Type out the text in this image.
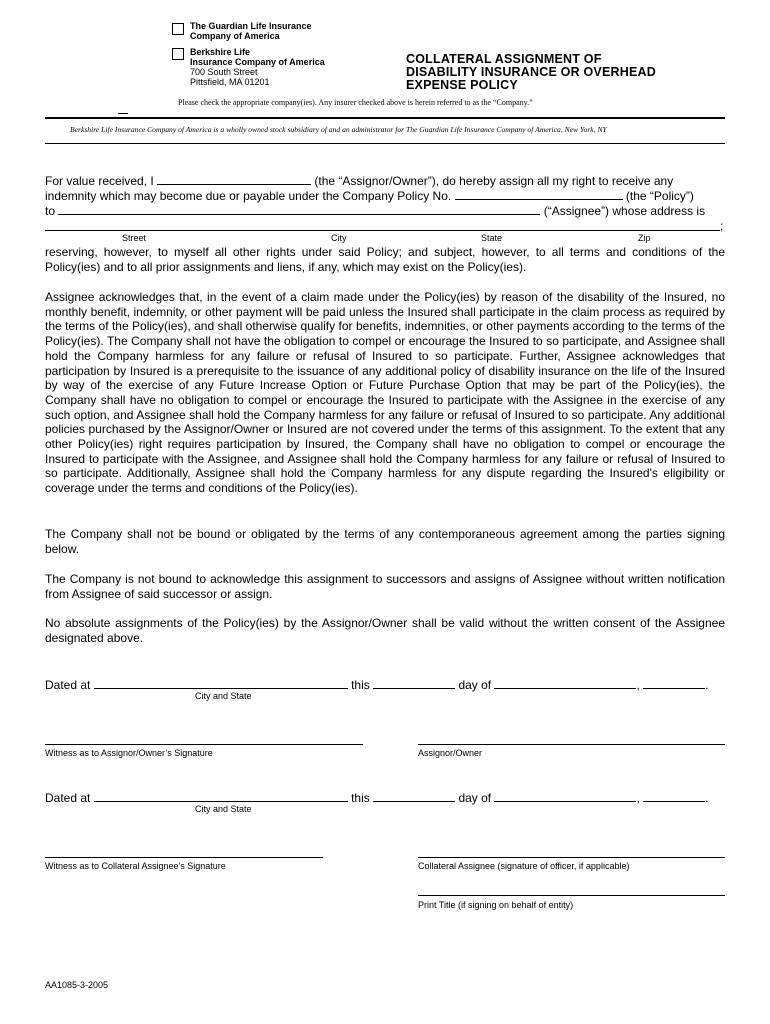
The Guardian Life Insurance
Company of America
Berkshire Life
Insurance Company of America
700 South Street
Pittsfield, MA 01201
COLLATERAL ASSIGNMENT OF
DISABILITY INSURANCE OR OVERHEAD
EXPENSE POLICY
Please check the appropriate company(ies). Any insurer checked above is herein referred to as the “Company.”
Berkshire Life Insurance Company of America is a wholly owned stock subsidiary of and an administrator for The Guardian Life Insurance Company of America, New York, NY
For value received, I	(the “Assignor/Owner”), do hereby assign all my right to receive any
indemnity which may become due or payable under the Company Policy No.	(the “Policy”)
to	(“Assignee”) whose address is
;
Street	City	State	Zip
reserving, however, to myself all other rights under said Policy; and subject, however, to all terms and conditions of the Policy(ies) and to all prior assignments and liens, if any, which may exist on the Policy(ies).
Assignee acknowledges that, in the event of a claim made under the Policy(ies) by reason of the disability of the Insured, no monthly benefit, indemnity, or other payment will be paid unless the Insured shall participate in the claim process as required by the terms of the Policy(ies), and shall otherwise qualify for benefits, indemnities, or other payments according to the terms of the Policy(ies). The Company shall not have the obligation to compel or encourage the Insured to so participate, and Assignee shall hold the Company harmless for any failure or refusal of Insured to so participate. Further, Assignee acknowledges that participation by Insured is a prerequisite to the issuance of any additional policy of disability insurance on the life of the Insured by way of the exercise of any Future Increase Option or Future Purchase Option that may be part of the Policy(ies), the Company shall have no obligation to compel or encourage the Insured to participate with the Assignee in the exercise of any such option, and Assignee shall hold the Company harmless for any failure or refusal of Insured to so participate. Any additional policies purchased by the Assignor/Owner or Insured are not covered under the terms of this assignment. To the extent that any other Policy(ies) right requires participation by Insured, the Company shall have no obligation to compel or encourage the Insured to participate with the Assignee, and Assignee shall hold the Company harmless for any failure or refusal of Insured to so participate. Additionally, Assignee shall hold the Company harmless for any dispute regarding the Insured's eligibility or coverage under the terms and conditions of the Policy(ies).
The Company shall not be bound or obligated by the terms of any contemporaneous agreement among the parties signing below.
The Company is not bound to acknowledge this assignment to successors and assigns of Assignee without written notification from Assignee of said successor or assign.
No absolute assignments of the Policy(ies) by the Assignor/Owner shall be valid without the written consent of the Assignee designated above.
Dated at	this	day of	,	.
City and State
Witness as to Assignor/Owner’s Signature	Assignor/Owner
Dated at	this	day of	,	.
City and State
Witness as to Collateral Assignee's Signature	Collateral Assignee (signature of officer, if applicable)
Print Title (if signing on behalf of entity)
AA1085-3-2005
